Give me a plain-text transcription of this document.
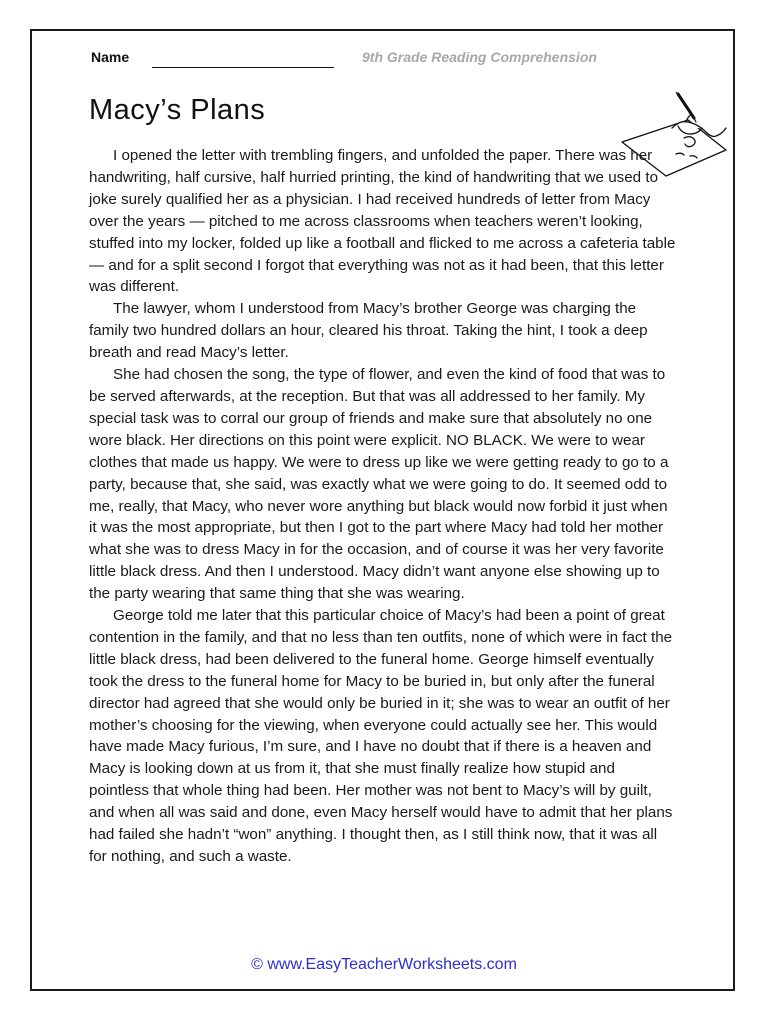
Name	9th Grade Reading Comprehension
Macy’s Plans

I opened the letter with trembling fingers, and unfolded the paper. There was her handwriting, half cursive, half hurried printing, the kind of handwriting that we used to joke surely qualified her as a physician. I had received hundreds of letter from Macy over the years — pitched to me across classrooms when teachers weren’t looking, stuffed into my locker, folded up like a football and flicked to me across a cafeteria table — and for a split second I forgot that everything was not as it had been, that this letter was different.

The lawyer, whom I understood from Macy’s brother George was charging the family two hundred dollars an hour, cleared his throat. Taking the hint, I took a deep breath and read Macy’s letter.

She had chosen the song, the type of flower, and even the kind of food that was to be served afterwards, at the reception. But that was all addressed to her family. My special task was to corral our group of friends and make sure that absolutely no one wore black. Her directions on this point were explicit. NO BLACK. We were to wear clothes that made us happy. We were to dress up like we were getting ready to go to a party, because that, she said, was exactly what we were going to do. It seemed odd to me, really, that Macy, who never wore anything but black would now forbid it just when it was the most appropriate, but then I got to the part where Macy had told her mother what she was to dress Macy in for the occasion, and of course it was her very favorite little black dress. And then I understood. Macy didn’t want anyone else showing up to the party wearing that same thing that she was wearing.

George told me later that this particular choice of Macy’s had been a point of great contention in the family, and that no less than ten outfits, none of which were in fact the little black dress, had been delivered to the funeral home. George himself eventually took the dress to the funeral home for Macy to be buried in, but only after the funeral director had agreed that she would only be buried in it; she was to wear an outfit of her mother’s choosing for the viewing, when everyone could actually see her. This would have made Macy furious, I’m sure, and I have no doubt that if there is a heaven and Macy is looking down at us from it, that she must finally realize how stupid and pointless that whole thing had been. Her mother was not bent to Macy’s will by guilt, and when all was said and done, even Macy herself would have to admit that her plans had failed she hadn’t “won” anything. I thought then, as I still think now, that it was all for nothing, and such a waste.

© www.EasyTeacherWorksheets.com
